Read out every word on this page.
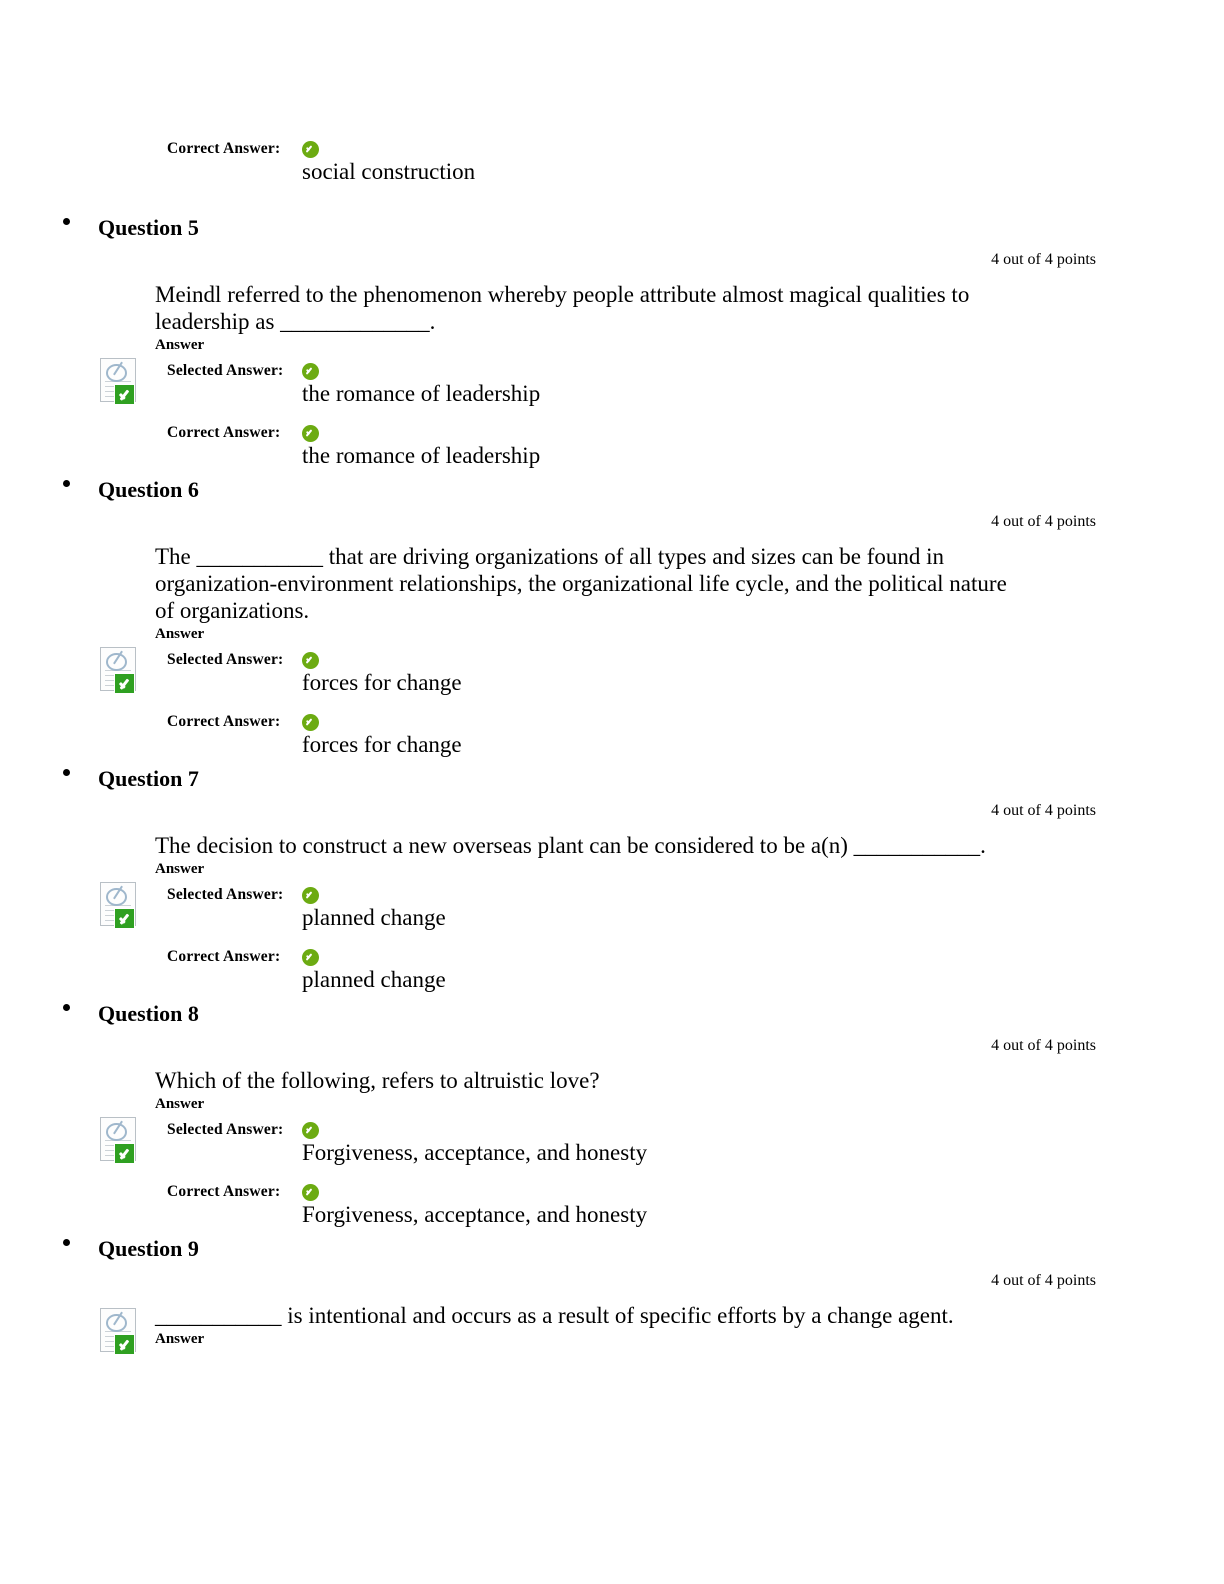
Correct Answer:
social construction
Question 5
4 out of 4 points
Meindl referred to the phenomenon whereby people attribute almost magical qualities to leadership as _____________.
Answer
Selected Answer:
the romance of leadership
Correct Answer:
the romance of leadership
Question 6
4 out of 4 points
The ___________ that are driving organizations of all types and sizes can be found in organization-environment relationships, the organizational life cycle, and the political nature of organizations.
Answer
Selected Answer:
forces for change
Correct Answer:
forces for change
Question 7
4 out of 4 points
The decision to construct a new overseas plant can be considered to be a(n) ___________.
Answer
Selected Answer:
planned change
Correct Answer:
planned change
Question 8
4 out of 4 points
Which of the following, refers to altruistic love?
Answer
Selected Answer:
Forgiveness, acceptance, and honesty
Correct Answer:
Forgiveness, acceptance, and honesty
Question 9
4 out of 4 points
___________ is intentional and occurs as a result of specific efforts by a change agent.
Answer
